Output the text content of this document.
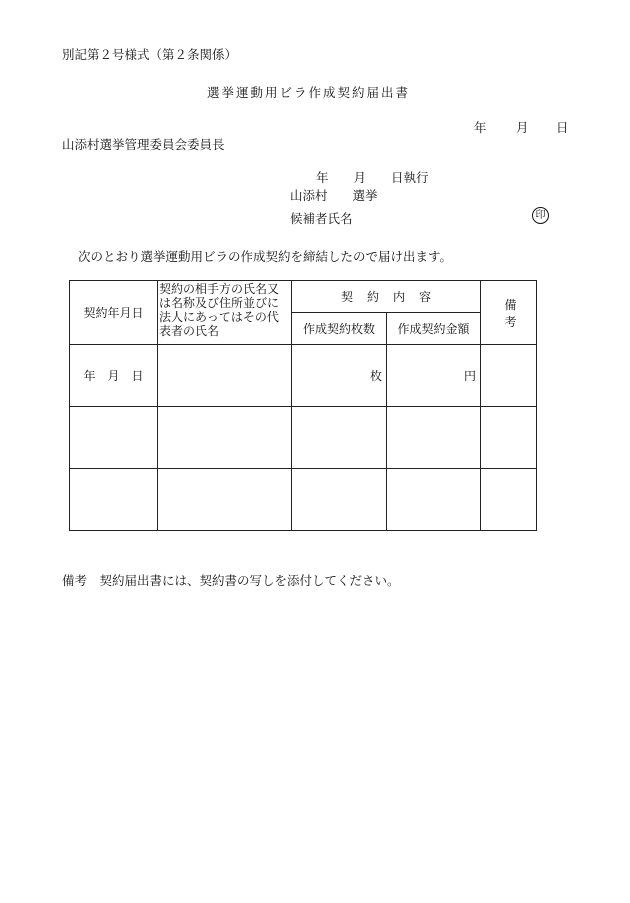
別記第２号様式（第２条関係）
選挙運動用ビラ作成契約届出書
年 月 日
山添村選挙管理委員会委員長
年　　月　　日執行
山添村　　選挙
候補者氏名	印
次のとおり選挙運動用ビラの作成契約を締結したので届け出ます。
契約年月日	契約の相手方の氏名又は名称及び住所並びに法人にあってはその代表者の氏名	契約内容		備考
		作成契約枚数	作成契約金額	
年　月　日		枚	円	

備考　契約届出書には、契約書の写しを添付してください。
